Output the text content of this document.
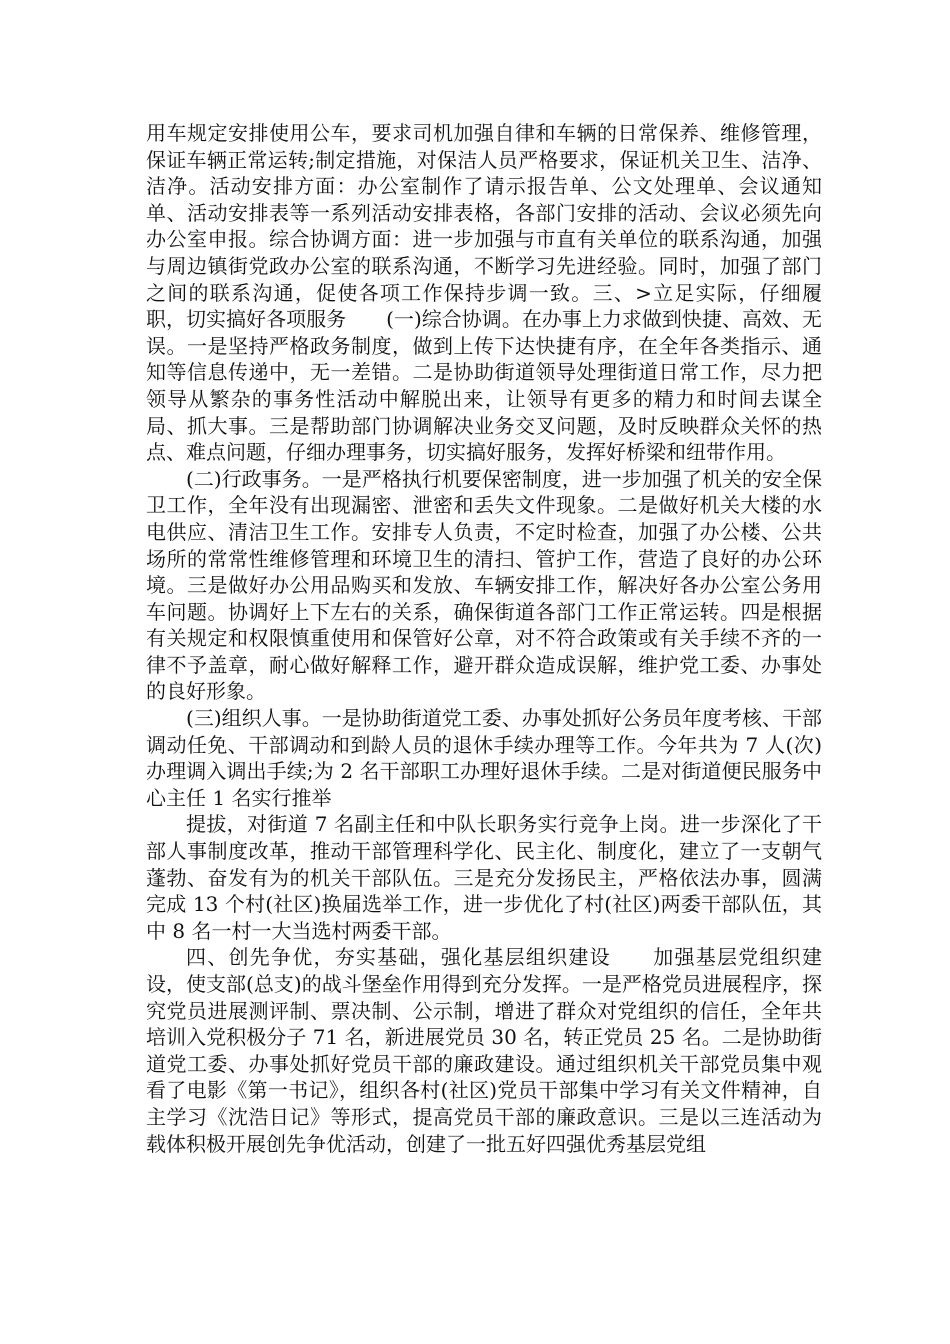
用车规定安排使用公车，要求司机加强自律和车辆的日常保养、维修管理，保证车辆正常运转;制定措施，对保洁人员严格要求，保证机关卫生、洁净、洁净。活动安排方面：办公室制作了请示报告单、公文处理单、会议通知单、活动安排表等一系列活动安排表格，各部门安排的活动、会议必须先向办公室申报。综合协调方面：进一步加强与市直有关单位的联系沟通，加强与周边镇街党政办公室的联系沟通，不断学习先进经验。同时，加强了部门之间的联系沟通，促使各项工作保持步调一致。三、>立足实际，仔细履职，切实搞好各项服务　　(一)综合协调。在办事上力求做到快捷、高效、无误。一是坚持严格政务制度，做到上传下达快捷有序，在全年各类指示、通知等信息传递中，无一差错。二是协助街道领导处理街道日常工作，尽力把领导从繁杂的事务性活动中解脱出来，让领导有更多的精力和时间去谋全局、抓大事。三是帮助部门协调解决业务交叉问题，及时反映群众关怀的热点、难点问题，仔细办理事务，切实搞好服务，发挥好桥梁和纽带作用。

(二)行政事务。一是严格执行机要保密制度，进一步加强了机关的安全保卫工作，全年没有出现漏密、泄密和丢失文件现象。二是做好机关大楼的水电供应、清洁卫生工作。安排专人负责，不定时检查，加强了办公楼、公共场所的常常性维修管理和环境卫生的清扫、管护工作，营造了良好的办公环境。三是做好办公用品购买和发放、车辆安排工作，解决好各办公室公务用车问题。协调好上下左右的关系，确保街道各部门工作正常运转。四是根据有关规定和权限慎重使用和保管好公章，对不符合政策或有关手续不齐的一律不予盖章，耐心做好解释工作，避开群众造成误解，维护党工委、办事处的良好形象。

(三)组织人事。一是协助街道党工委、办事处抓好公务员年度考核、干部调动任免、干部调动和到龄人员的退休手续办理等工作。今年共为 7 人(次)办理调入调出手续;为 2 名干部职工办理好退休手续。二是对街道便民服务中心主任 1 名实行推举

提拔，对街道 7 名副主任和中队长职务实行竞争上岗。进一步深化了干部人事制度改革，推动干部管理科学化、民主化、制度化，建立了一支朝气蓬勃、奋发有为的机关干部队伍。三是充分发扬民主，严格依法办事，圆满完成 13 个村(社区)换届选举工作，进一步优化了村(社区)两委干部队伍，其中 8 名一村一大当选村两委干部。

四、创先争优，夯实基础，强化基层组织建设　　加强基层党组织建设，使支部(总支)的战斗堡垒作用得到充分发挥。一是严格党员进展程序，探究党员进展测评制、票决制、公示制，增进了群众对党组织的信任，全年共培训入党积极分子 71 名，新进展党员 30 名，转正党员 25 名。二是协助街道党工委、办事处抓好党员干部的廉政建设。通过组织机关干部党员集中观看了电影《第一书记》，组织各村(社区)党员干部集中学习有关文件精神，自主学习《沈浩日记》等形式，提高党员干部的廉政意识。三是以三连活动为载体积极开展创先争优活动，创建了一批五好四强优秀基层党组
